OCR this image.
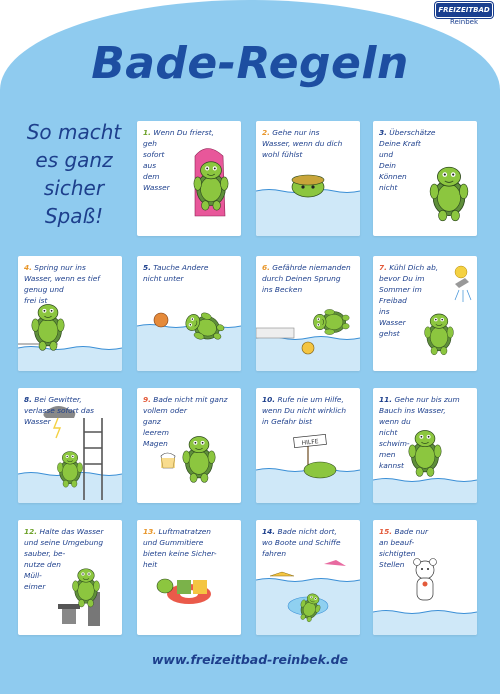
FREIZEITBAD
Reinbek
Bade-Regeln
So macht
es ganz
sicher
Spaß!
1. Wenn Du frierst,
geh
sofort
aus
dem
Wasser
2. Gehe nur ins
Wasser, wenn du dich
wohl fühlst
3. Überschätze
Deine Kraft
und
Dein
Können
nicht
4. Spring nur ins
Wasser, wenn es tief
genug und
frei ist
5. Tauche Andere
nicht unter
6. Gefährde niemanden
durch Deinen Sprung
ins Becken
7. Kühl Dich ab,
bevor Du im
Sommer im
Freibad
ins
Wasser
gehst
8. Bei Gewitter,
verlasse sofort das
Wasser
9. Bade nicht mit ganz
vollem oder
ganz
leerem
Magen	HILFE
10. Rufe nie um Hilfe,
wenn Du nicht wirklich
in Gefahr bist
11. Gehe nur bis zum
Bauch ins Wasser,
wenn du
nicht
schwim-
men
kannst
12. Halte das Wasser
und seine Umgebung
sauber, be-
nutze den
Müll-
eimer
13. Luftmatratzen
und Gummitiere
bieten keine Sicher-
heit
14. Bade nicht dort,
wo Boote und Schiffe
fahren
15. Bade nur
an beauf-
sichtigten
Stellen
www.freizeitbad-reinbek.de
